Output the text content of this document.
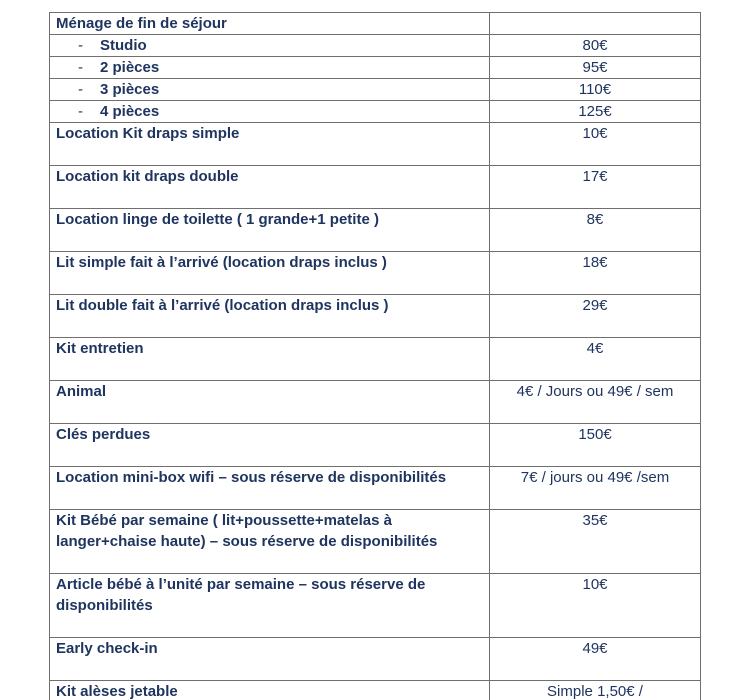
Ménage de fin de séjour	
- Studio	80€
- 2 pièces	95€
- 3 pièces	110€
- 4 pièces	125€
Location Kit draps simple	10€
Location kit draps double	17€
Location linge de toilette ( 1 grande+1 petite )	8€
Lit simple fait à l’arrivé (location draps inclus )	18€
Lit double fait à l’arrivé (location draps inclus )	29€
Kit entretien	4€
Animal	4€ / Jours ou 49€ / sem
Clés perdues	150€
Location mini-box wifi – sous réserve de disponibilités	7€ / jours ou 49€ /sem
Kit Bébé par semaine ( lit+poussette+matelas à langer+chaise haute) – sous réserve de disponibilités	35€
Article bébé à l’unité par semaine – sous réserve de disponibilités	10€
Early check-in	49€
Kit alèses jetable	Simple 1,50€ /
